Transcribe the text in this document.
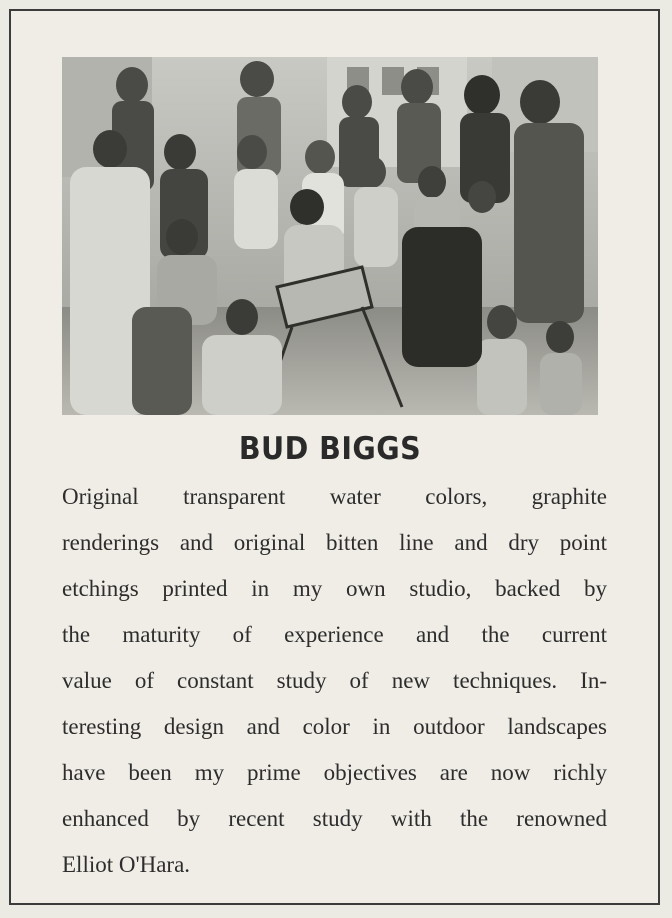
BUD BIGGS
Original transparent water colors, graphite
renderings and original bitten line and dry point
etchings printed in my own studio, backed by
the maturity of experience and the current
value of constant study of new techniques. In-
teresting design and color in outdoor landscapes
have been my prime objectives are now richly
enhanced by recent study with the renowned
Elliot O'Hara.
